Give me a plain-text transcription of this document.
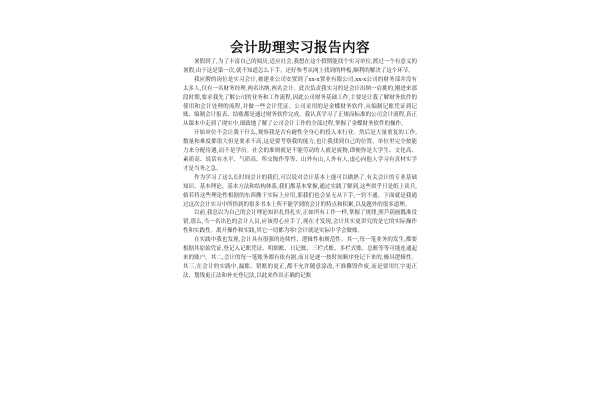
会计助理实习报告内容

暑假到了,为了丰富自己的阅历,适应社会,我想在这个假期能找个实习单位,渡过一个有意义的暑假,由于这是第一次,就不知道怎么下手。还好参考从网上找到的样板,顺利的解决了这个环节。

我应聘的岗位是实习会计,被建业公司安置到了xx-x置业有限公司,xx-x公司的财务部并没有太多人,仅有一名财务经理,两名出纳,两名会计。此次负责我实习的是会计出纳一肩挑的,刚进来那段时期,要求我先了解公司的业务和工作流程,因此公司财务基础工作,主要是让我了解财务软件的使用和会计处理的流程,并做一些会计凭证。公司采用的是金蝶财务软件,从编制记账凭证到记账、编制会计报表、结账都是通过财务软件完成。我认真学习了正规而标准的公司会计流程,真正从课本中走到了现实中,细致地了解了公司会计工作的全部过程,掌握了金蝶财务软件的操作。

开始单位不会让我干什么,观察我是否有耐性全身心的投入本行业。然后是大量重复的工作,数量和难度都很大但是要求不高,这是要考察我的能力,也让我找到自己的位置。单位里完全按能力来分配待遇,而不是学历。社会的准则就是不能劳动的人就是废物,即便你是大学生、文化高、素质高、说话有水平、气质高、所交级作等等、山外有山,人外有人,虚心向他人学习有真材实学才是当务之急。

作为学习了这么长时间会计的我们,可以说对会计基本上能可以做熟了,有关会计的专业基础知识、基本理论、基本方法和结构体系,我们都基本掌握,通过实践了解到,这些似乎只是纸上谈兵,倘若将这些理论性根据的东西搬于实际上应用,那我们也会显无从下手,一窍不通。下面就是我通过这次会计实习中所悟到的很多书本上所不能学到的会计的特点和积累,以及题外的很多道理。

以前,我总以为自己的会计理论知识扎得扎实,正如所有工作一样,掌握了规律,照芦葫画瓢准没错,那么,当一名出色的会计人员,应该得心应手了,现在才发现,会计其实更讲究的是它的实际操作性和实践性。离开操作和实践,其它一切都为零!会计就是实际中学会做账。

在实践中我也发现,会计具有很强的连续性、逻辑性和规范性。其一,每一笔业务的发生,都要根据其原始凭证,登记入记账凭证、明细账、日记账、三栏式账、多栏式账、总账等等可能连通起来的账户。其二,会计的每一笔账务都有依有据,而且是逐一按时间顺序登记下来的,极具逻辑性。其三,在会计的实践中,漏账、错账的更正,都不允许随意涂改,不准撕毁作废,而是要用红字更正法、划线更正法和补充登记法,以此来作出正确的记账
